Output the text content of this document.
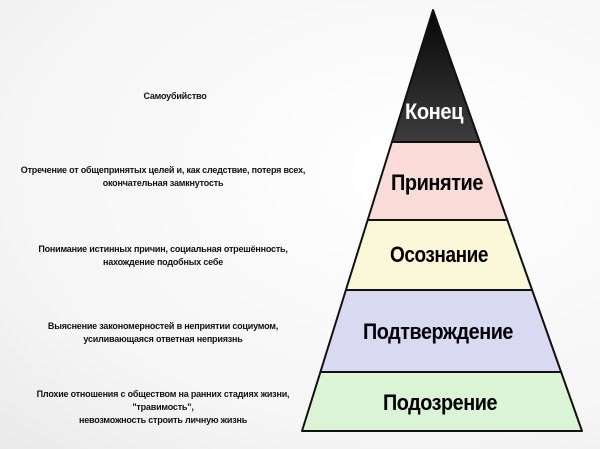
Конец
Принятие
Осознание
Подтверждение
Подозрение
Самоубийство
Отречение от общепринятых целей и, как следствие, потеря всех,
окончательная замкнутость
Понимание истинных причин, социальная отрешённость,
нахождение подобных себе
Выяснение закономерностей в неприятии социумом,
усиливающаяся ответная неприязнь
Плохие отношения с обществом на ранних стадиях жизни, "травимость",
невозможность строить личную жизнь
